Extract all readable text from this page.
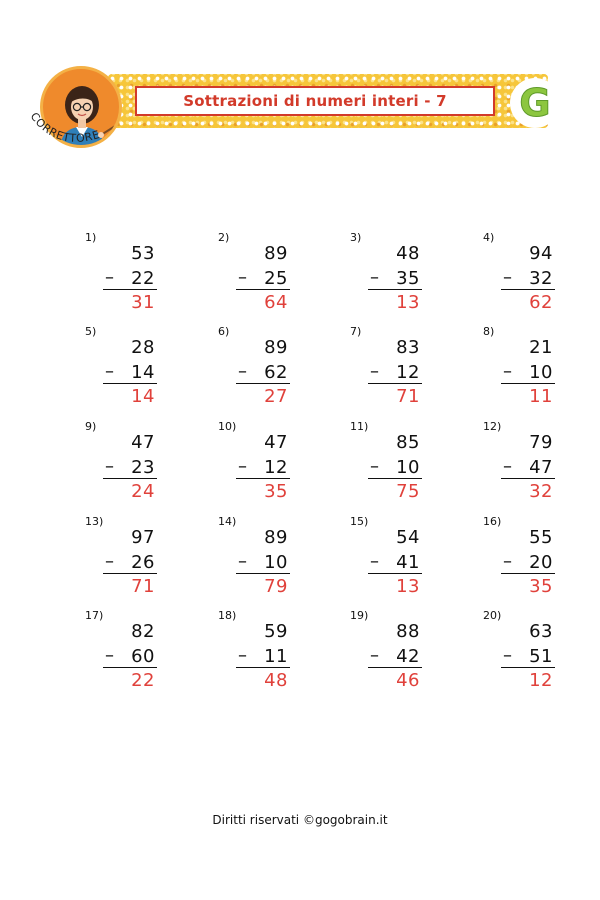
Sottrazioni di numeri interi - 7
CORRETTORE
G
1)
53
– 22
31
2)
89
– 25
64
3)
48
– 35
13
4)
94
– 32
62
5)
28
– 14
14
6)
89
– 62
27
7)
83
– 12
71
8)
21
– 10
11
9)
47
– 23
24
10)
47
– 12
35
11)
85
– 10
75
12)
79
– 47
32
13)
97
– 26
71
14)
89
– 10
79
15)
54
– 41
13
16)
55
– 20
35
17)
82
– 60
22
18)
59
– 11
48
19)
88
– 42
46
20)
63
– 51
12
Diritti riservati ©gogobrain.it
